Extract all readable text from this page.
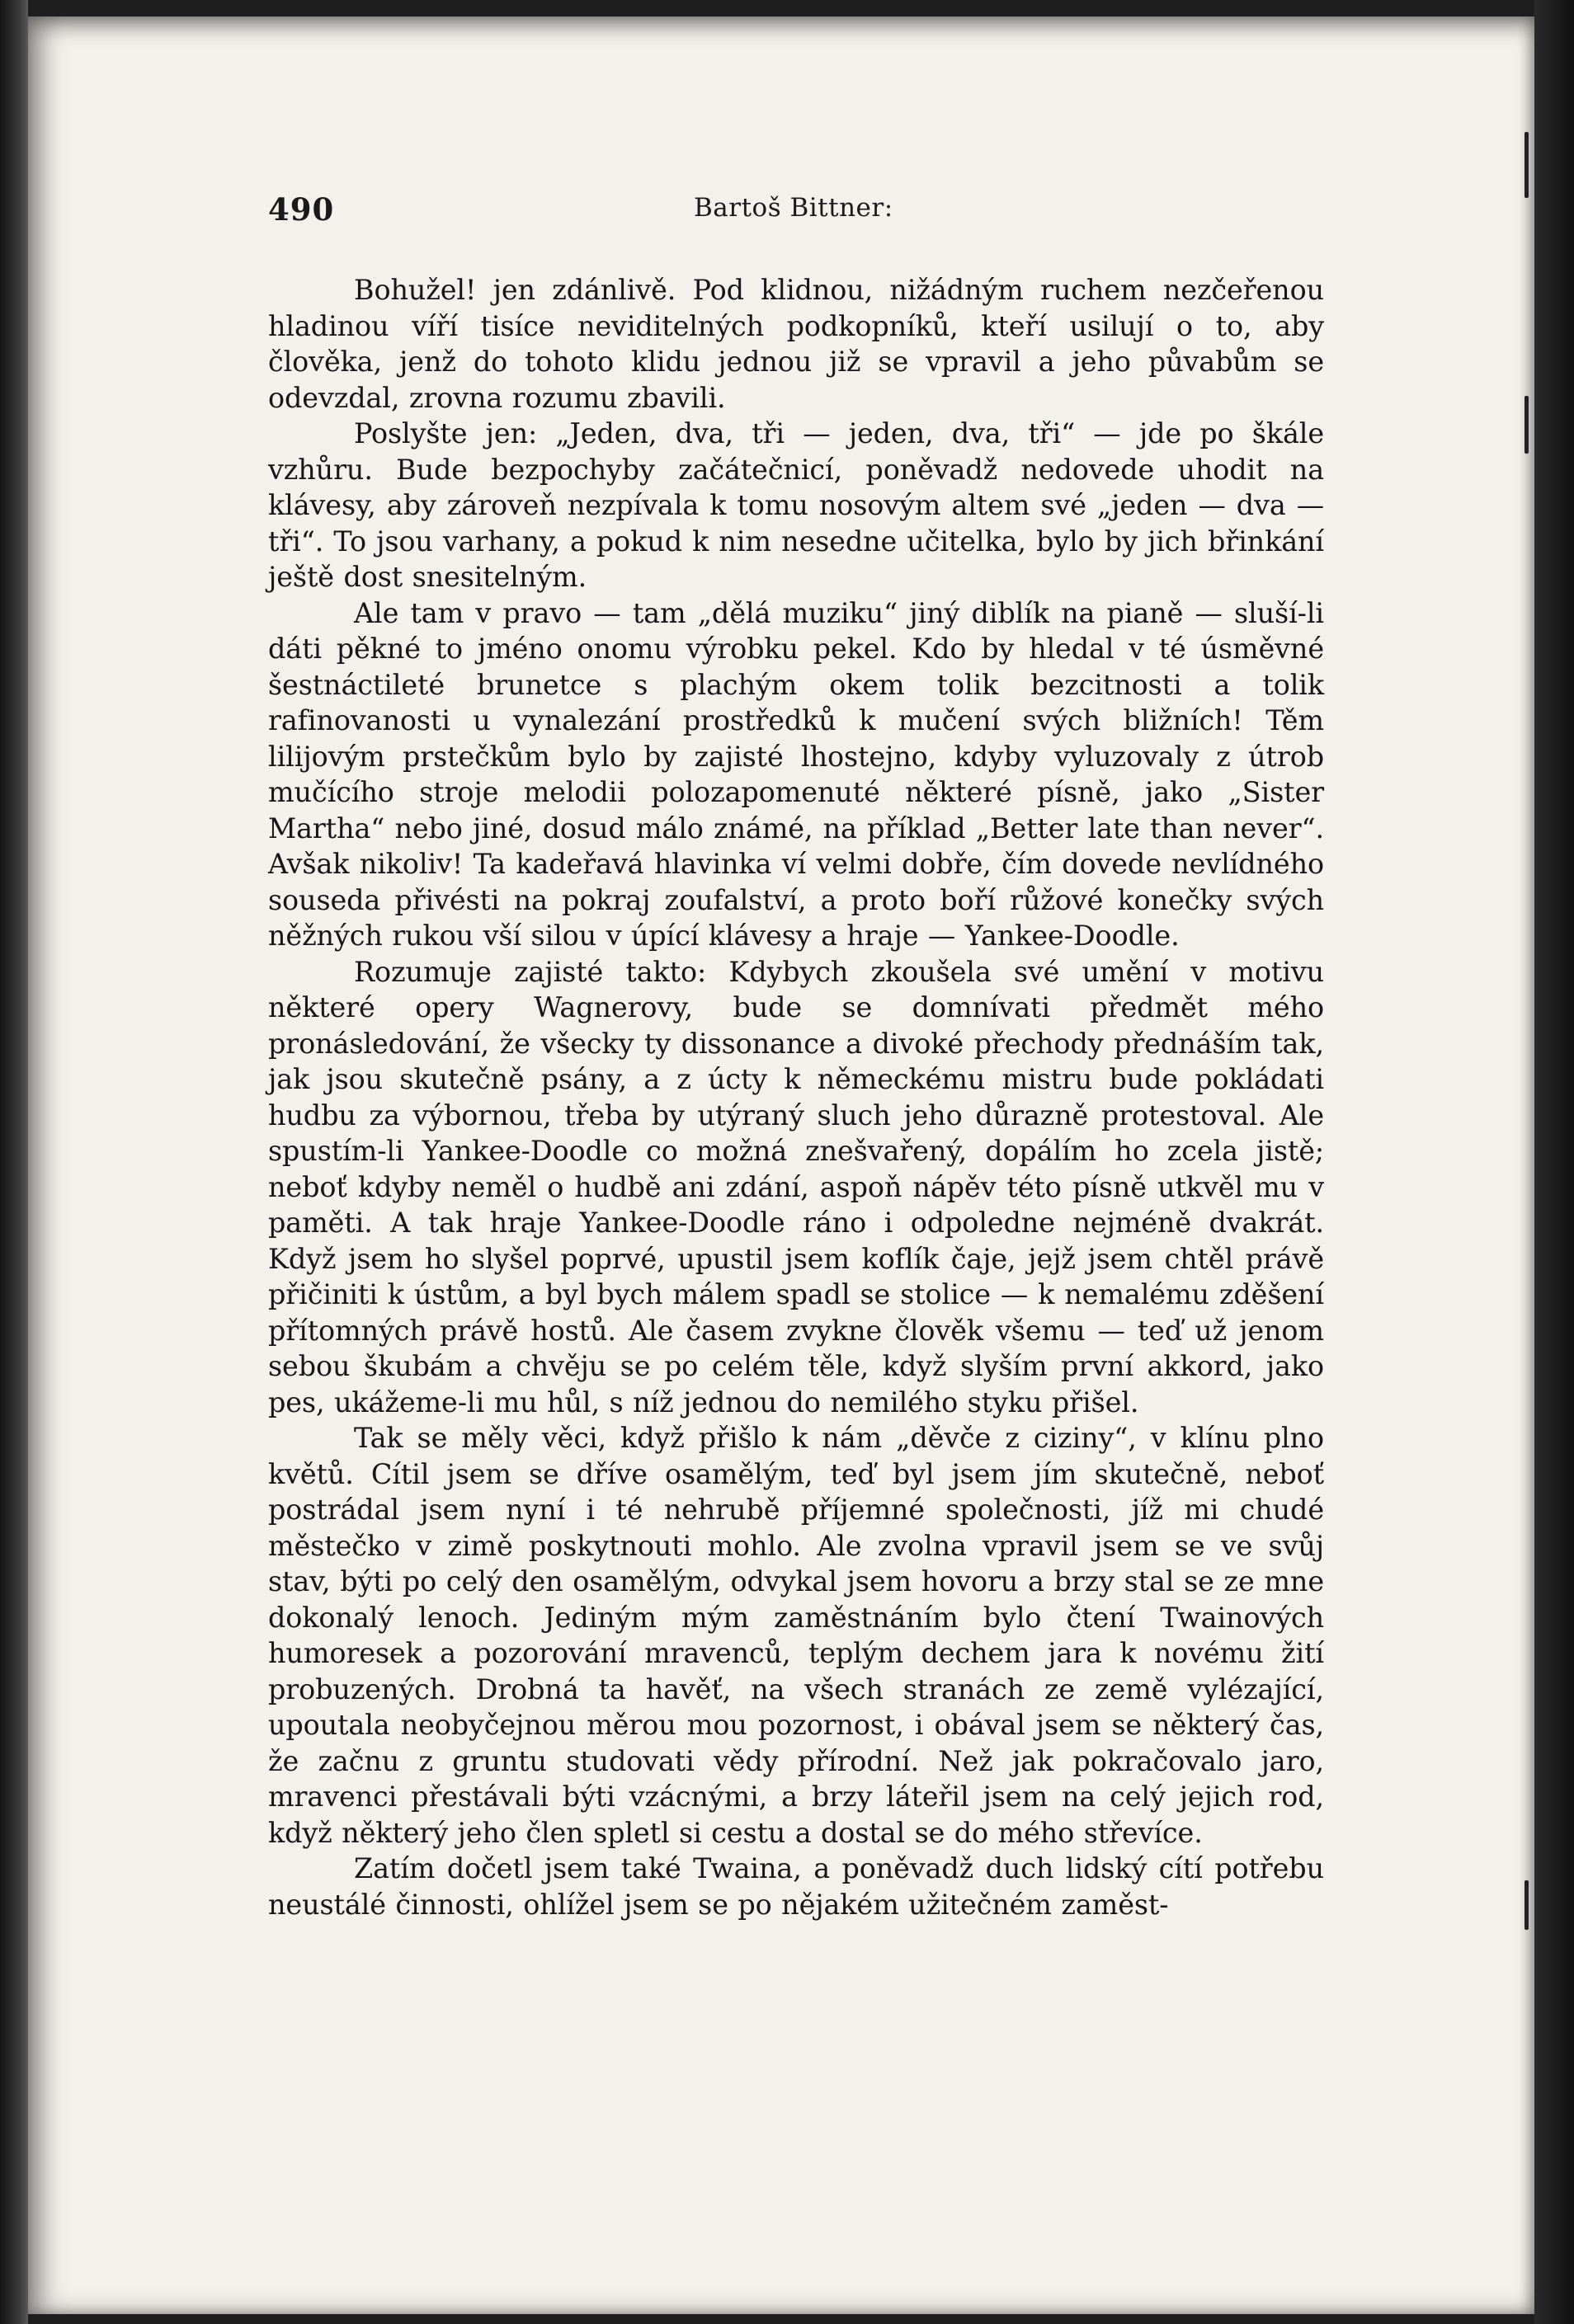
490	Bartoš Bittner:

Bohužel! jen zdánlivě. Pod klidnou, nižádným ruchem nezčeřenou hladinou víří tisíce neviditelných podkopníků, kteří usilují o to, aby člověka, jenž do tohoto klidu jednou již se vpravil a jeho půvabům se odevzdal, zrovna rozumu zbavili.

Poslyšte jen: „Jeden, dva, tři — jeden, dva, tři“ — jde po škále vzhůru. Bude bezpochyby začátečnicí, poněvadž nedovede uhodit na klávesy, aby zároveň nezpívala k tomu nosovým altem své „jeden — dva — tři“. To jsou varhany, a pokud k nim nesedne učitelka, bylo by jich břinkání ještě dost snesitelným.

Ale tam v pravo — tam „dělá muziku“ jiný diblík na pianě — sluší-li dáti pěkné to jméno onomu výrobku pekel. Kdo by hledal v té úsměvné šestnáctileté brunetce s plachým okem tolik bezcitnosti a tolik rafinovanosti u vynalezání prostředků k mučení svých bližních! Těm lilijovým prstečkům bylo by zajisté lhostejno, kdyby vyluzovaly z útrob mučícího stroje melodii polozapomenuté některé písně, jako „Sister Martha“ nebo jiné, dosud málo známé, na příklad „Better late than never“. Avšak nikoliv! Ta kadeřavá hlavinka ví velmi dobře, čím dovede nevlídného souseda přivésti na pokraj zoufalství, a proto boří růžové konečky svých něžných rukou vší silou v úpící klávesy a hraje — Yankee-Doodle.

Rozumuje zajisté takto: Kdybych zkoušela své umění v motivu některé opery Wagnerovy, bude se domnívati předmět mého pronásledování, že všecky ty dissonance a divoké přechody přednáším tak, jak jsou skutečně psány, a z úcty k německému mistru bude pokládati hudbu za výbornou, třeba by utýraný sluch jeho důrazně protestoval. Ale spustím-li Yankee-Doodle co možná znešvařený, dopálím ho zcela jistě; neboť kdyby neměl o hudbě ani zdání, aspoň nápěv této písně utkvěl mu v paměti. A tak hraje Yankee-Doodle ráno i odpoledne nejméně dvakrát. Když jsem ho slyšel poprvé, upustil jsem koflík čaje, jejž jsem chtěl právě přičiniti k ústům, a byl bych málem spadl se stolice — k nemalému zděšení přítomných právě hostů. Ale časem zvykne člověk všemu — teď už jenom sebou škubám a chvěju se po celém těle, když slyším první akkord, jako pes, ukážeme-li mu hůl, s níž jednou do nemilého styku přišel.

Tak se měly věci, když přišlo k nám „děvče z ciziny“, v klínu plno květů. Cítil jsem se dříve osamělým, teď byl jsem jím skutečně, neboť postrádal jsem nyní i té nehrubě příjemné společnosti, jíž mi chudé městečko v zimě poskytnouti mohlo. Ale zvolna vpravil jsem se ve svůj stav, býti po celý den osamělým, odvykal jsem hovoru a brzy stal se ze mne dokonalý lenoch. Jediným mým zaměstnáním bylo čtení Twainových humoresek a pozorování mravenců, teplým dechem jara k novému žití probuzených. Drobná ta havěť, na všech stranách ze země vylézající, upoutala neobyčejnou měrou mou pozornost, i obával jsem se některý čas, že začnu z gruntu studovati vědy přírodní. Než jak pokračovalo jaro, mravenci přestávali býti vzácnými, a brzy láteřil jsem na celý jejich rod, když některý jeho člen spletl si cestu a dostal se do mého střevíce.

Zatím dočetl jsem také Twaina, a poněvadž duch lidský cítí potřebu neustálé činnosti, ohlížel jsem se po nějakém užitečném zaměst-
